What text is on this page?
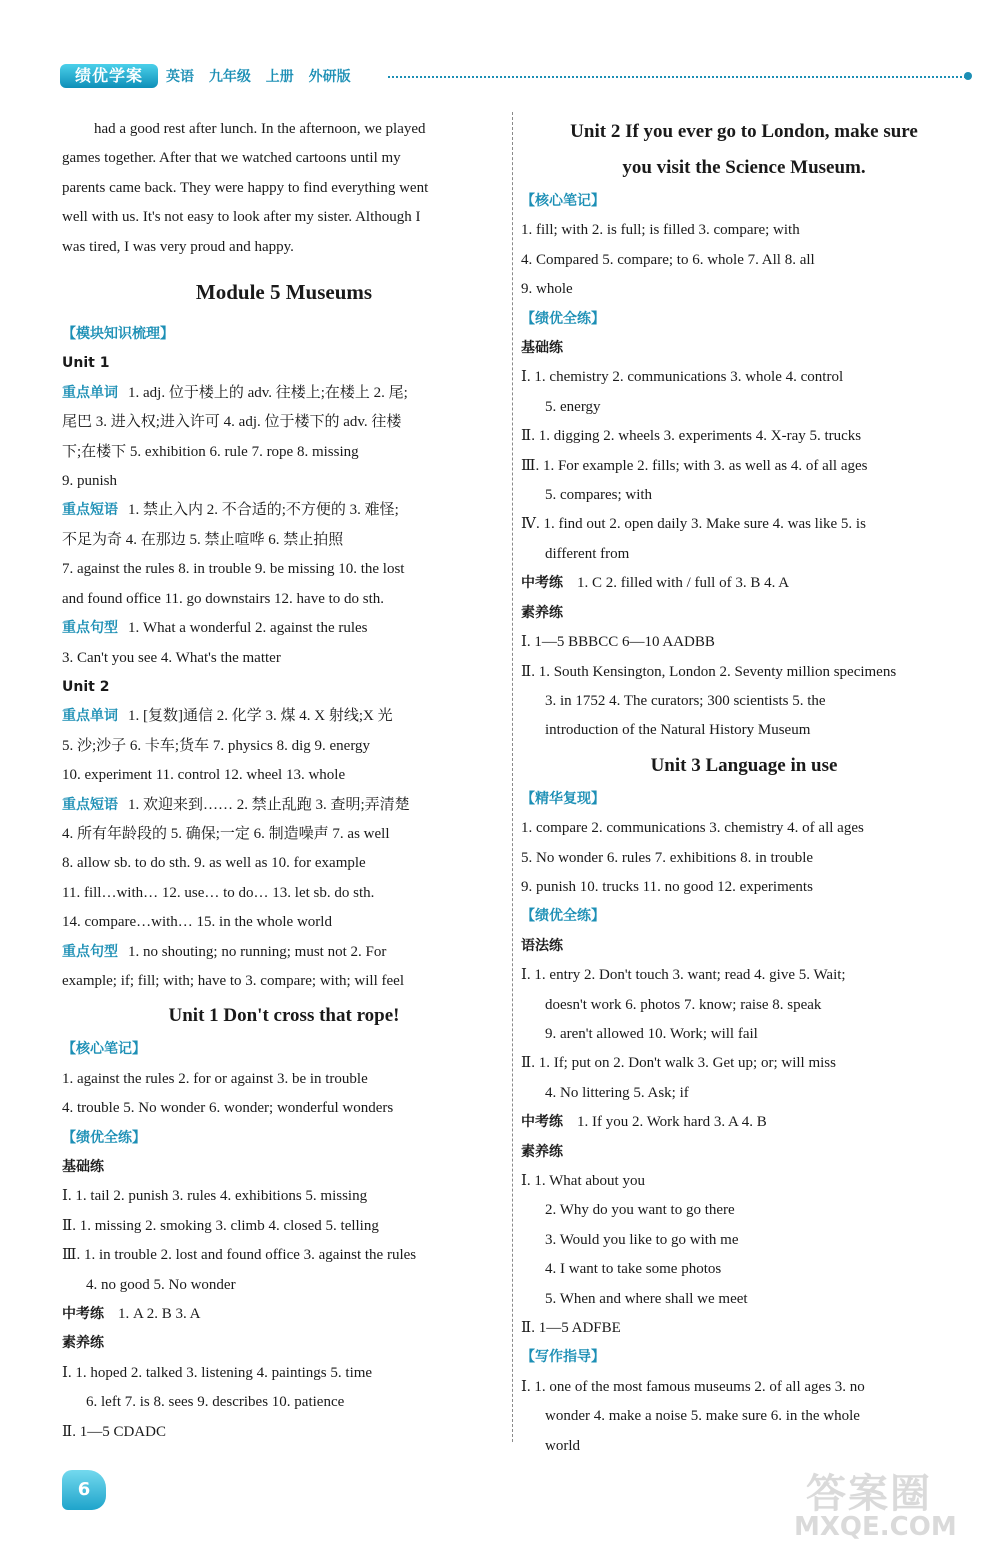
绩优学案	英语 九年级 上册 外研版

had a good rest after lunch. In the afternoon, we played

games together. After that we watched cartoons until my

parents came back. They were happy to find everything went

well with us. It's not easy to look after my sister. Although I

was tired, I was very proud and happy.

Module 5 Museums

【模块知识梳理】

Unit 1

重点单词 1. adj. 位于楼上的 adv. 往楼上;在楼上 2. 尾;

尾巴 3. 进入权;进入许可 4. adj. 位于楼下的 adv. 往楼

下;在楼下 5. exhibition 6. rule 7. rope 8. missing

9. punish

重点短语 1. 禁止入内 2. 不合适的;不方便的 3. 难怪;

不足为奇 4. 在那边 5. 禁止喧哗 6. 禁止拍照

7. against the rules 8. in trouble 9. be missing 10. the lost

and found office 11. go downstairs 12. have to do sth.

重点句型 1. What a wonderful 2. against the rules

3. Can't you see 4. What's the matter

Unit 2

重点单词 1. [复数]通信 2. 化学 3. 煤 4. X 射线;X 光

5. 沙;沙子 6. 卡车;货车 7. physics 8. dig 9. energy

10. experiment 11. control 12. wheel 13. whole

重点短语 1. 欢迎来到…… 2. 禁止乱跑 3. 查明;弄清楚

4. 所有年龄段的 5. 确保;一定 6. 制造噪声 7. as well

8. allow sb. to do sth. 9. as well as 10. for example

11. fill…with… 12. use… to do… 13. let sb. do sth.

14. compare…with… 15. in the whole world

重点句型 1. no shouting; no running; must not 2. For

example; if; fill; with; have to 3. compare; with; will feel

Unit 1 Don't cross that rope!

【核心笔记】

1. against the rules 2. for or against 3. be in trouble

4. trouble 5. No wonder 6. wonder; wonderful wonders

【绩优全练】

基础练

Ⅰ. 1. tail 2. punish 3. rules 4. exhibitions 5. missing

Ⅱ. 1. missing 2. smoking 3. climb 4. closed 5. telling

Ⅲ. 1. in trouble 2. lost and found office 3. against the rules

4. no good 5. No wonder

中考练 1. A 2. B 3. A

素养练

Ⅰ. 1. hoped 2. talked 3. listening 4. paintings 5. time

6. left 7. is 8. sees 9. describes 10. patience

Ⅱ. 1—5 CDADC

Unit 2 If you ever go to London, make sure
you visit the Science Museum.

【核心笔记】

1. fill; with 2. is full; is filled 3. compare; with

4. Compared 5. compare; to 6. whole 7. All 8. all

9. whole

【绩优全练】

基础练

Ⅰ. 1. chemistry 2. communications 3. whole 4. control

5. energy

Ⅱ. 1. digging 2. wheels 3. experiments 4. X-ray 5. trucks

Ⅲ. 1. For example 2. fills; with 3. as well as 4. of all ages

5. compares; with

Ⅳ. 1. find out 2. open daily 3. Make sure 4. was like 5. is

different from

中考练 1. C 2. filled with / full of 3. B 4. A

素养练

Ⅰ. 1—5 BBBCC 6—10 AADBB

Ⅱ. 1. South Kensington, London 2. Seventy million specimens

3. in 1752 4. The curators; 300 scientists 5. the

introduction of the Natural History Museum

Unit 3 Language in use

【精华复现】

1. compare 2. communications 3. chemistry 4. of all ages

5. No wonder 6. rules 7. exhibitions 8. in trouble

9. punish 10. trucks 11. no good 12. experiments

【绩优全练】

语法练

Ⅰ. 1. entry 2. Don't touch 3. want; read 4. give 5. Wait;

doesn't work 6. photos 7. know; raise 8. speak

9. aren't allowed 10. Work; will fail

Ⅱ. 1. If; put on 2. Don't walk 3. Get up; or; will miss

4. No littering 5. Ask; if

中考练 1. If you 2. Work hard 3. A 4. B

素养练

Ⅰ. 1. What about you

2. Why do you want to go there

3. Would you like to go with me

4. I want to take some photos

5. When and where shall we meet

Ⅱ. 1—5 ADFBE

【写作指导】

Ⅰ. 1. one of the most famous museums 2. of all ages 3. no

wonder 4. make a noise 5. make sure 6. in the whole

world

6	答案圈
MXQE.COM
